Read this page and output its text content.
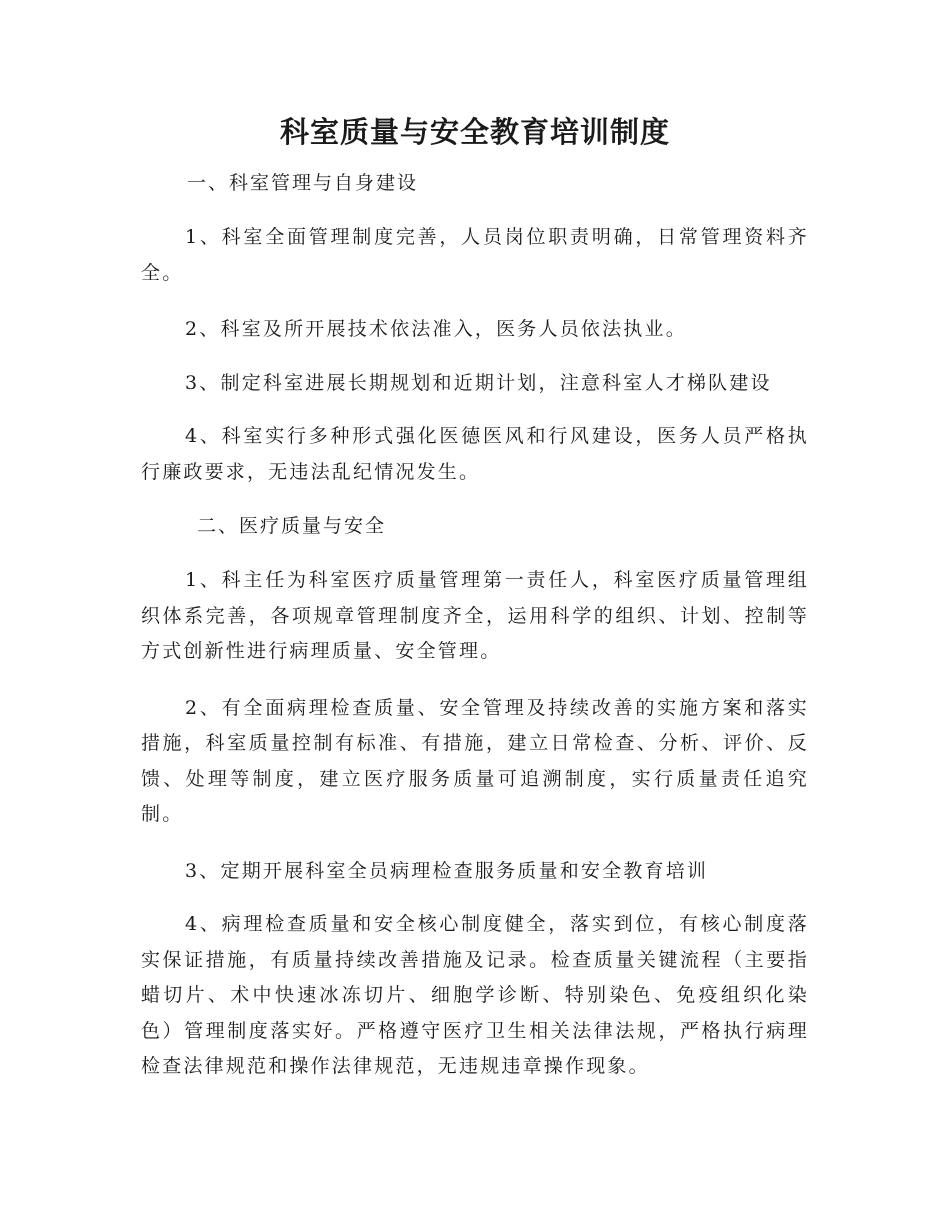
科室质量与安全教育培训制度

一、科室管理与自身建设

1、科室全面管理制度完善，人员岗位职责明确，日常管理资料齐全。

2、科室及所开展技术依法准入，医务人员依法执业。

3、制定科室进展长期规划和近期计划，注意科室人才梯队建设

4、科室实行多种形式强化医德医风和行风建设，医务人员严格执行廉政要求，无违法乱纪情况发生。

二、医疗质量与安全

1、科主任为科室医疗质量管理第一责任人，科室医疗质量管理组织体系完善，各项规章管理制度齐全，运用科学的组织、计划、控制等方式创新性进行病理质量、安全管理。

2、有全面病理检查质量、安全管理及持续改善的实施方案和落实措施，科室质量控制有标准、有措施，建立日常检查、分析、评价、反馈、处理等制度，建立医疗服务质量可追溯制度，实行质量责任追究制。

3、定期开展科室全员病理检查服务质量和安全教育培训

4、病理检查质量和安全核心制度健全，落实到位，有核心制度落实保证措施，有质量持续改善措施及记录。检查质量关键流程（主要指蜡切片、术中快速冰冻切片、细胞学诊断、特别染色、免疫组织化染色）管理制度落实好。严格遵守医疗卫生相关法律法规，严格执行病理检查法律规范和操作法律规范，无违规违章操作现象。
